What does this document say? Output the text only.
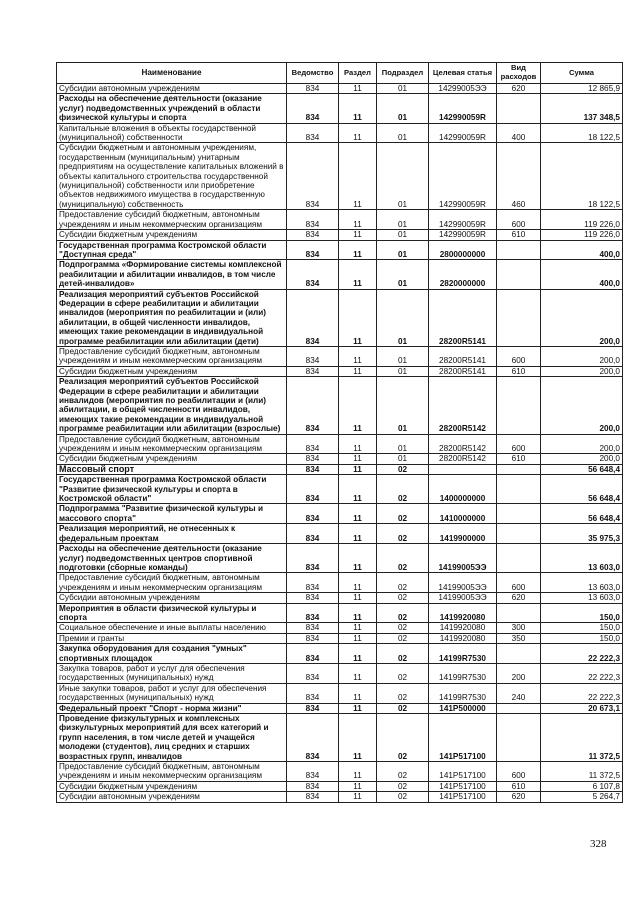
Наименование	Ведомство	Раздел	Подраздел	Целевая статья	Вид расходов	Сумма
Субсидии автономным учреждениям	834	11	01	14299005ЭЭ	620	12 865,9
Расходы на обеспечение деятельности (оказание услуг) подведомственных учреждений в области физической культуры и спорта	834	11	01	142990059R		137 348,5
Капитальные вложения в объекты государственной (муниципальной) собственности	834	11	01	142990059R	400	18 122,5
Субсидии бюджетным и автономным учреждениям, государственным (муниципальным) унитарным предприятиям на осуществление капитальных вложений в объекты капитального строительства государственной (муниципальной) собственности или приобретение объектов недвижимого имущества в государственную (муниципальную) собственность	834	11	01	142990059R	460	18 122,5
Предоставление субсидий бюджетным, автономным учреждениям и иным некоммерческим организациям	834	11	01	142990059R	600	119 226,0
Субсидии бюджетным учреждениям	834	11	01	142990059R	610	119 226,0
Государственная программа Костромской области "Доступная среда"	834	11	01	2800000000		400,0
Подпрограмма «Формирование системы комплексной реабилитации и абилитации инвалидов, в том числе детей-инвалидов»	834	11	01	2820000000		400,0
Реализация мероприятий субъектов Российской Федерации в сфере реабилитации и абилитации инвалидов (мероприятия по реабилитации и (или) абилитации, в общей численности инвалидов, имеющих такие рекомендации в индивидуальной программе реабилитации или абилитации (дети)	834	11	01	28200R5141		200,0
Предоставление субсидий бюджетным, автономным учреждениям и иным некоммерческим организациям	834	11	01	28200R5141	600	200,0
Субсидии бюджетным учреждениям	834	11	01	28200R5141	610	200,0
Реализация мероприятий субъектов Российской Федерации в сфере реабилитации и абилитации инвалидов (мероприятия по реабилитации и (или) абилитации, в общей численности инвалидов, имеющих такие рекомендации в индивидуальной программе реабилитации или абилитации (взрослые)	834	11	01	28200R5142		200,0
Предоставление субсидий бюджетным, автономным учреждениям и иным некоммерческим организациям	834	11	01	28200R5142	600	200,0
Субсидии бюджетным учреждениям	834	11	01	28200R5142	610	200,0
Массовый спорт	834	11	02			56 648,4
Государственная программа Костромской области "Развитие физической культуры и спорта в Костромской области"	834	11	02	1400000000		56 648,4
Подпрограмма "Развитие физической культуры и массового спорта"	834	11	02	1410000000		56 648,4
Реализация мероприятий, не отнесенных к федеральным проектам	834	11	02	1419900000		35 975,3
Расходы на обеспечение деятельности (оказание услуг) подведомственных центров спортивной подготовки (сборные команды)	834	11	02	14199005ЭЭ		13 603,0
Предоставление субсидий бюджетным, автономным учреждениям и иным некоммерческим организациям	834	11	02	14199005ЭЭ	600	13 603,0
Субсидии автономным учреждениям	834	11	02	14199005ЭЭ	620	13 603,0
Мероприятия в области физической культуры и спорта	834	11	02	1419920080		150,0
Социальное обеспечение и иные выплаты населению	834	11	02	1419920080	300	150,0
Премии и гранты	834	11	02	1419920080	350	150,0
Закупка оборудования для создания "умных" спортивных площадок	834	11	02	14199R7530		22 222,3
Закупка товаров, работ и услуг для обеспечения государственных (муниципальных) нужд	834	11	02	14199R7530	200	22 222,3
Иные закупки товаров, работ и услуг для обеспечения государственных (муниципальных) нужд	834	11	02	14199R7530	240	22 222,3
Федеральный проект "Спорт - норма жизни"	834	11	02	141P500000		20 673,1
Проведение физкультурных и комплексных физкультурных мероприятий для всех категорий и групп населения, в том числе детей и учащейся молодежи (студентов), лиц средних и старших возрастных групп, инвалидов	834	11	02	141P517100		11 372,5
Предоставление субсидий бюджетным, автономным учреждениям и иным некоммерческим организациям	834	11	02	141P517100	600	11 372,5
Субсидии бюджетным учреждениям	834	11	02	141P517100	610	6 107,8
Субсидии автономным учреждениям	834	11	02	141P517100	620	5 264,7
328
